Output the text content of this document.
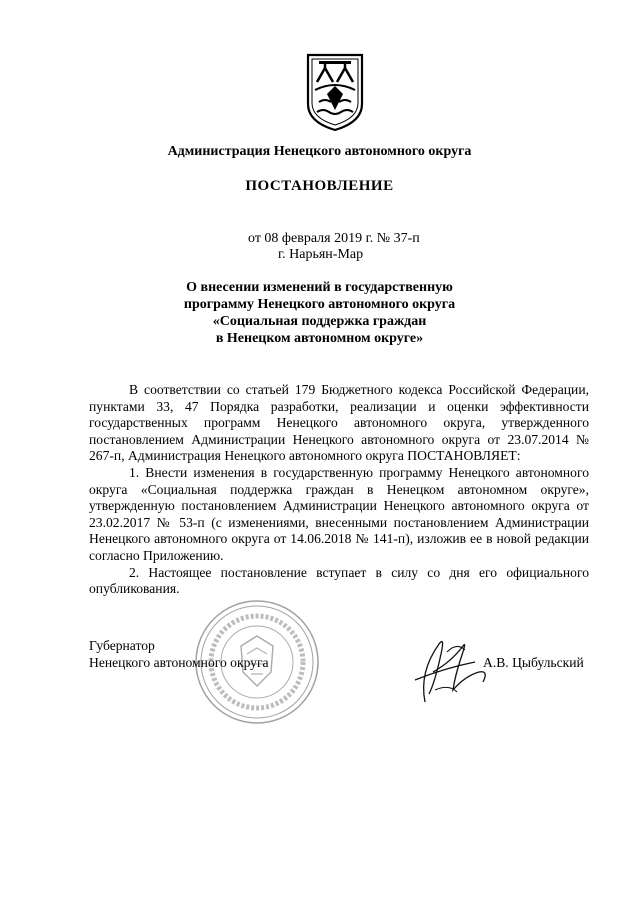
Администрация Ненецкого автономного округа
ПОСТАНОВЛЕНИЕ
от 08 февраля 2019 г. № 37-п
г. Нарьян-Мар
О внесении изменений в государственную
программу Ненецкого автономного округа
«Социальная поддержка граждан
в Ненецком автономном округе»

В соответствии со статьей 179 Бюджетного кодекса Российской Федерации, пунктами 33, 47 Порядка разработки, реализации и оценки эффективности государственных программ Ненецкого автономного округа, утвержденного постановлением Администрации Ненецкого автономного округа от 23.07.2014 № 267-п, Администрация Ненецкого автономного округа ПОСТАНОВЛЯЕТ:

1. Внести изменения в государственную программу Ненецкого автономного округа «Социальная поддержка граждан в Ненецком автономном округе», утвержденную постановлением Администрации Ненецкого автономного округа от 23.02.2017 № 53-п (с изменениями, внесенными постановлением Администрации Ненецкого автономного округа от 14.06.2018 № 141-п), изложив ее в новой редакции согласно Приложению.

2. Настоящее постановление вступает в силу со дня его официального опубликования.

Губернатор
Ненецкого автономного округа	А.В. Цыбульский
